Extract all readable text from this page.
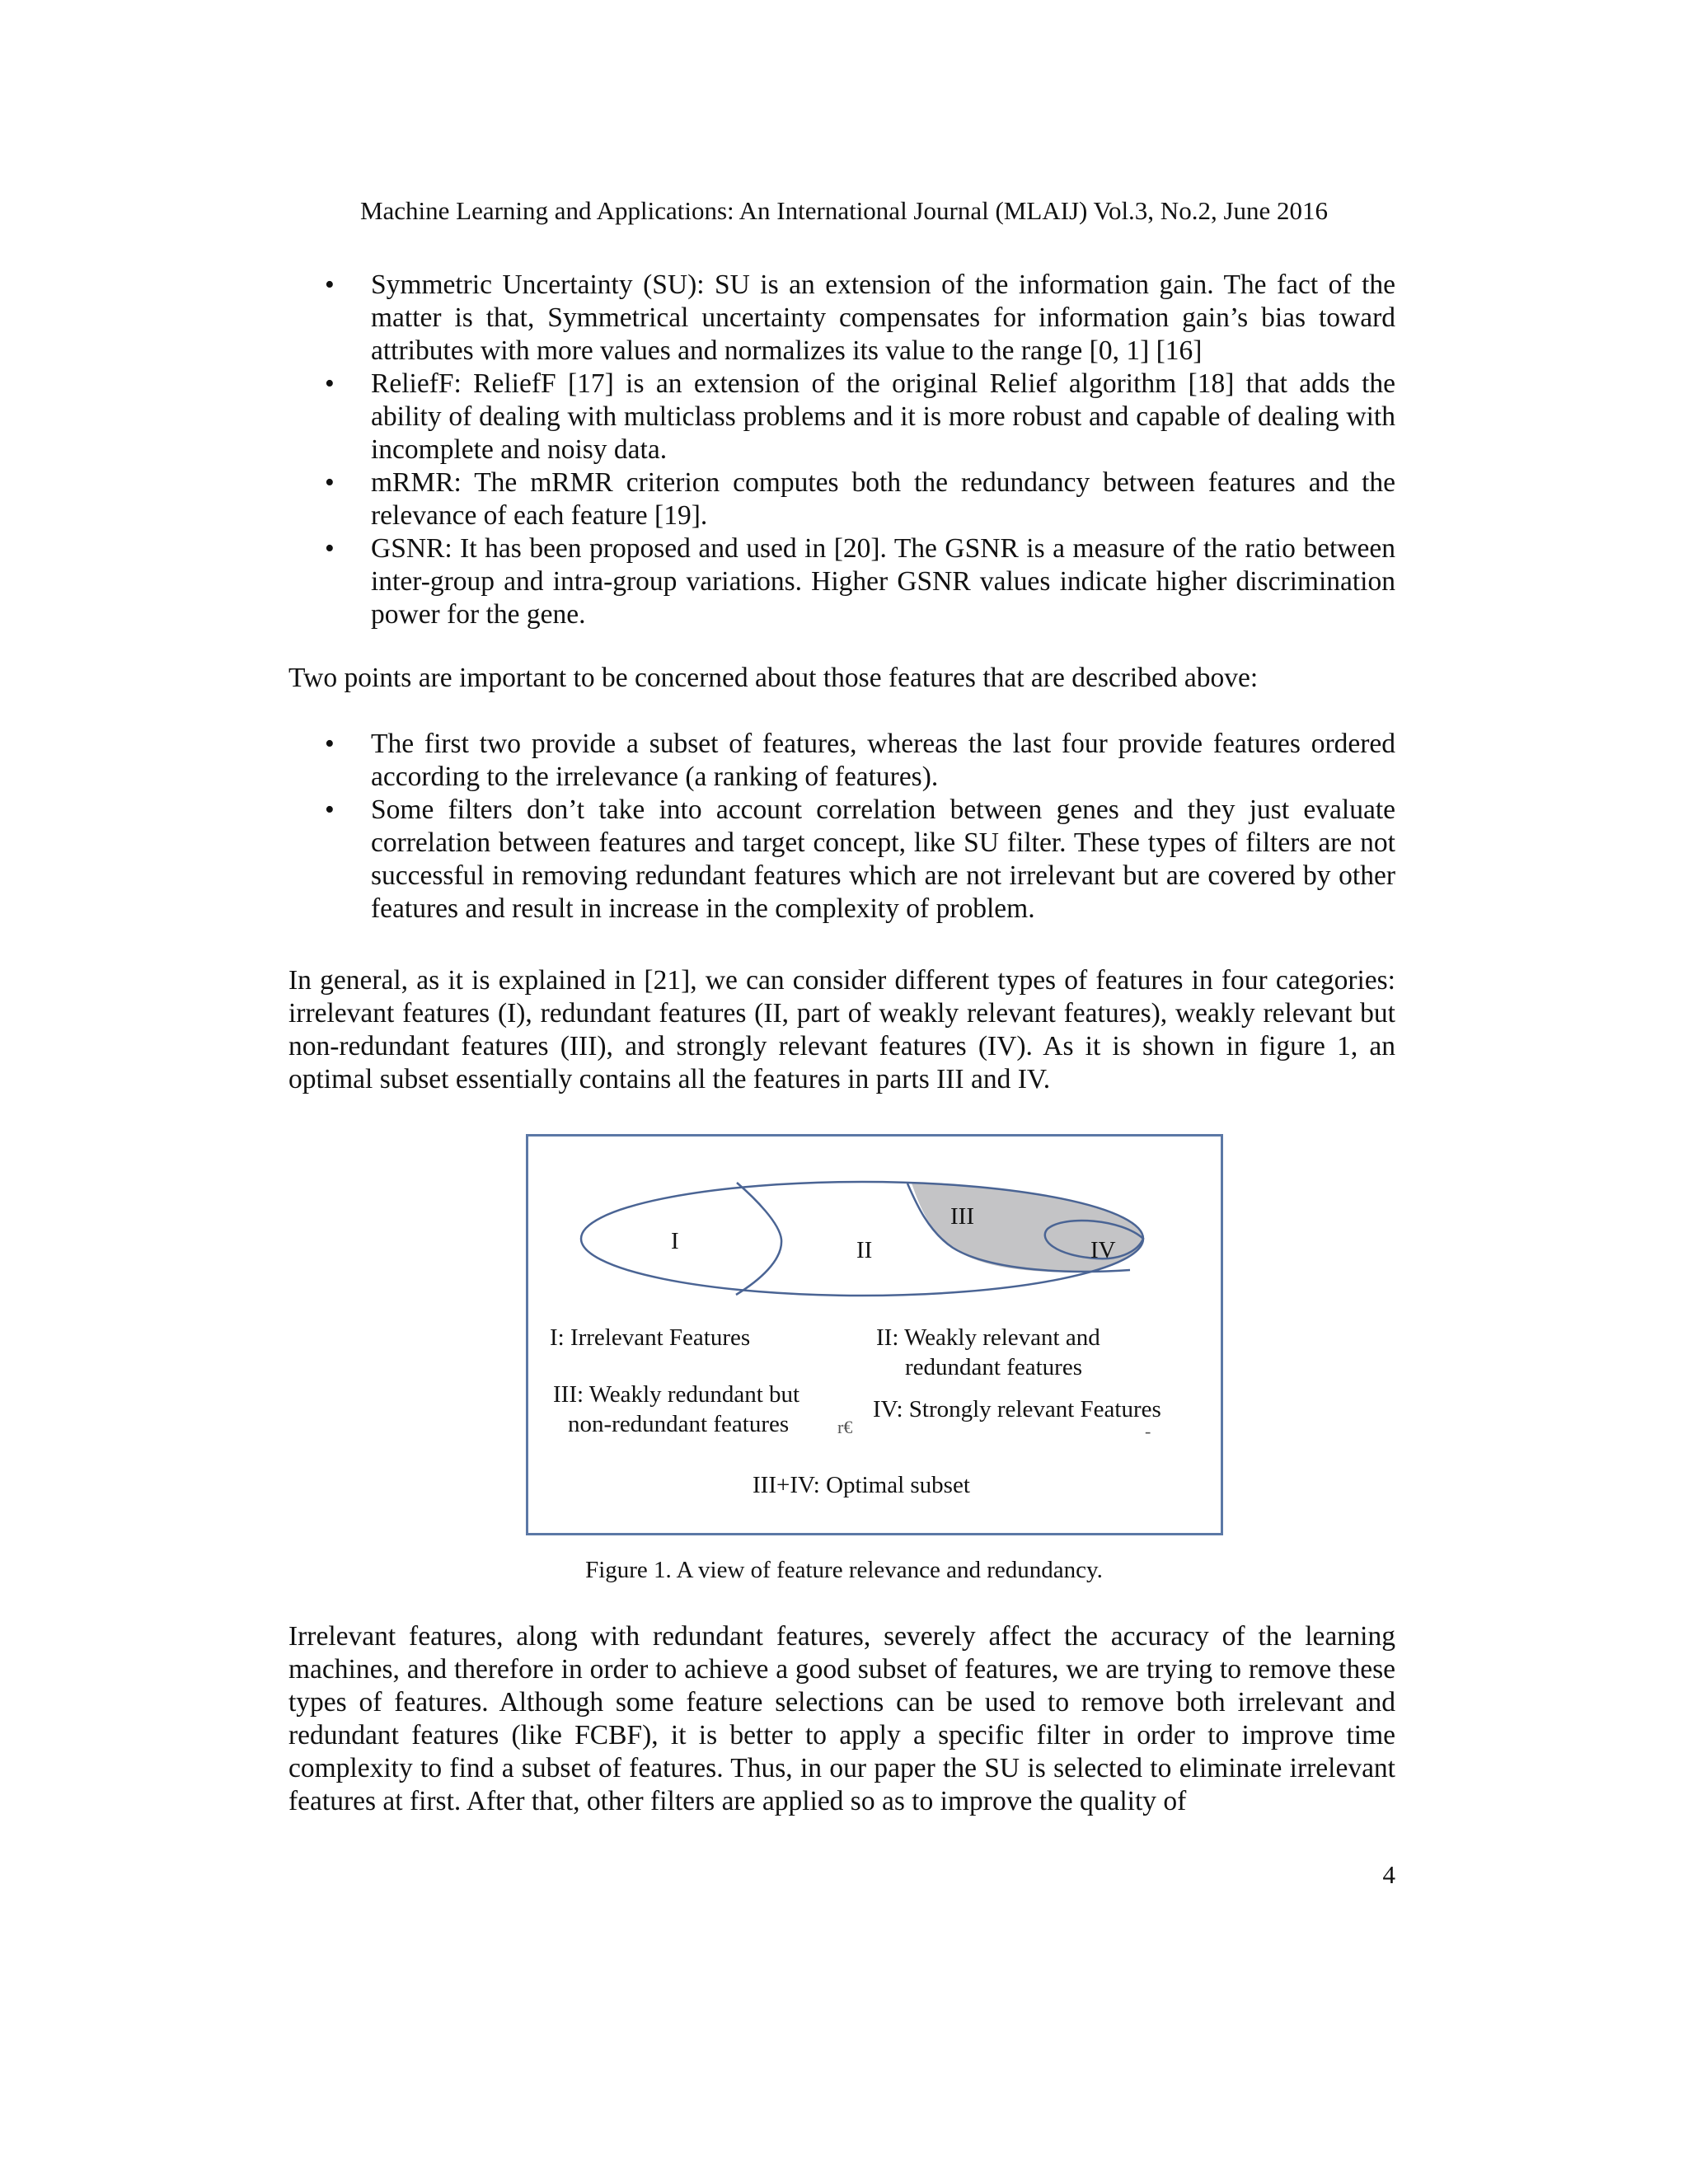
Machine Learning and Applications: An International Journal (MLAIJ) Vol.3, No.2, June 2016
• Symmetric Uncertainty (SU): SU is an extension of the information gain. The fact of the matter is that, Symmetrical uncertainty compensates for information gain’s bias toward attributes with more values and normalizes its value to the range [0, 1] [16]
• ReliefF: ReliefF [17] is an extension of the original Relief algorithm [18] that adds the ability of dealing with multiclass problems and it is more robust and capable of dealing with incomplete and noisy data.
• mRMR: The mRMR criterion computes both the redundancy between features and the relevance of each feature [19].
• GSNR: It has been proposed and used in [20]. The GSNR is a measure of the ratio between inter-group and intra-group variations. Higher GSNR values indicate higher discrimination power for the gene.

Two points are important to be concerned about those features that are described above:

• The first two provide a subset of features, whereas the last four provide features ordered according to the irrelevance (a ranking of features).
• Some filters don’t take into account correlation between genes and they just evaluate correlation between features and target concept, like SU filter. These types of filters are not successful in removing redundant features which are not irrelevant but are covered by other features and result in increase in the complexity of problem.

In general, as it is explained in [21], we can consider different types of features in four categories: irrelevant features (I), redundant features (II, part of weakly relevant features), weakly relevant but non-redundant features (III), and strongly relevant features (IV). As it is shown in figure 1, an optimal subset essentially contains all the features in parts III and IV.

I	II
III
IV
I: Irrelevant Features	II: Weakly relevant and
redundant features
III: Weakly redundant but
non-redundant features	r€
IV: Strongly relevant Features
-
III+IV: Optimal subset
Figure 1. A view of feature relevance and redundancy.

Irrelevant features, along with redundant features, severely affect the accuracy of the learning machines, and therefore in order to achieve a good subset of features, we are trying to remove these types of features. Although some feature selections can be used to remove both irrelevant and redundant features (like FCBF), it is better to apply a specific filter in order to improve time complexity to find a subset of features. Thus, in our paper the SU is selected to eliminate irrelevant features at first. After that, other filters are applied so as to improve the quality of

4
